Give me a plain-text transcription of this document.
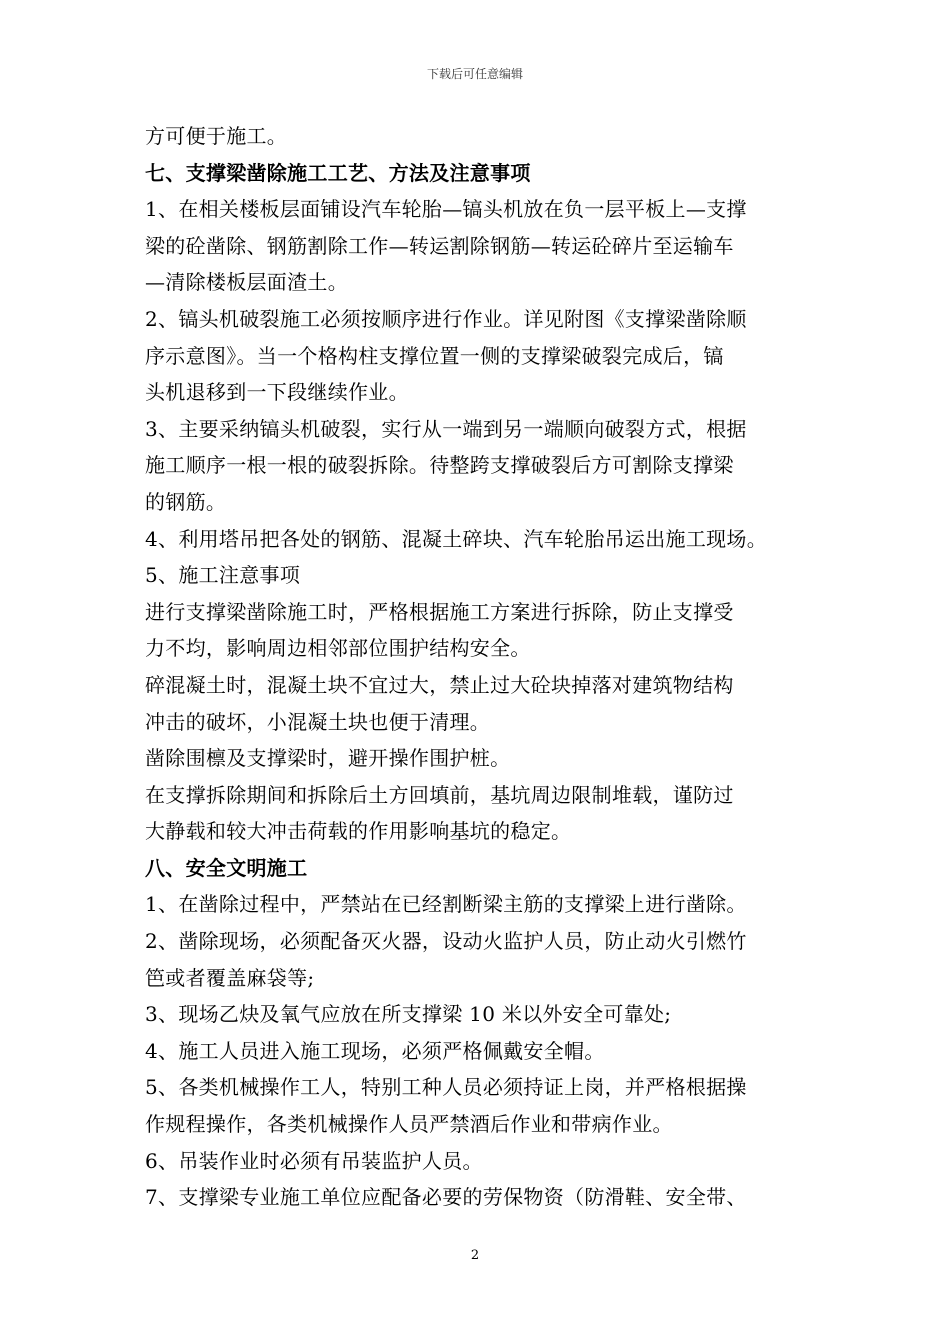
下载后可任意编辑
方可便于施工。
七、支撑梁凿除施工工艺、方法及注意事项
1、在相关楼板层面铺设汽车轮胎—镐头机放在负一层平板上—支撑
梁的砼凿除、钢筋割除工作—转运割除钢筋—转运砼碎片至运输车
—清除楼板层面渣土。
2、镐头机破裂施工必须按顺序进行作业。详见附图《支撑梁凿除顺
序示意图》。当一个格构柱支撑位置一侧的支撑梁破裂完成后，镐
头机退移到一下段继续作业。
3、主要采纳镐头机破裂，实行从一端到另一端顺向破裂方式，根据
施工顺序一根一根的破裂拆除。待整跨支撑破裂后方可割除支撑梁
的钢筋。
4、利用塔吊把各处的钢筋、混凝土碎块、汽车轮胎吊运出施工现场。
5、施工注意事项
进行支撑梁凿除施工时，严格根据施工方案进行拆除，防止支撑受
力不均，影响周边相邻部位围护结构安全。
碎混凝土时，混凝土块不宜过大，禁止过大砼块掉落对建筑物结构
冲击的破坏，小混凝土块也便于清理。
凿除围檩及支撑梁时，避开操作围护桩。
在支撑拆除期间和拆除后土方回填前，基坑周边限制堆载，谨防过
大静载和较大冲击荷载的作用影响基坑的稳定。
八、安全文明施工
1、在凿除过程中，严禁站在已经割断梁主筋的支撑梁上进行凿除。
2、凿除现场，必须配备灭火器，设动火监护人员，防止动火引燃竹
笆或者覆盖麻袋等;
3、现场乙炔及氧气应放在所支撑梁 10 米以外安全可靠处;
4、施工人员进入施工现场，必须严格佩戴安全帽。
5、各类机械操作工人，特别工种人员必须持证上岗，并严格根据操
作规程操作，各类机械操作人员严禁酒后作业和带病作业。
6、吊装作业时必须有吊装监护人员。
7、支撑梁专业施工单位应配备必要的劳保物资（防滑鞋、安全带、
2
